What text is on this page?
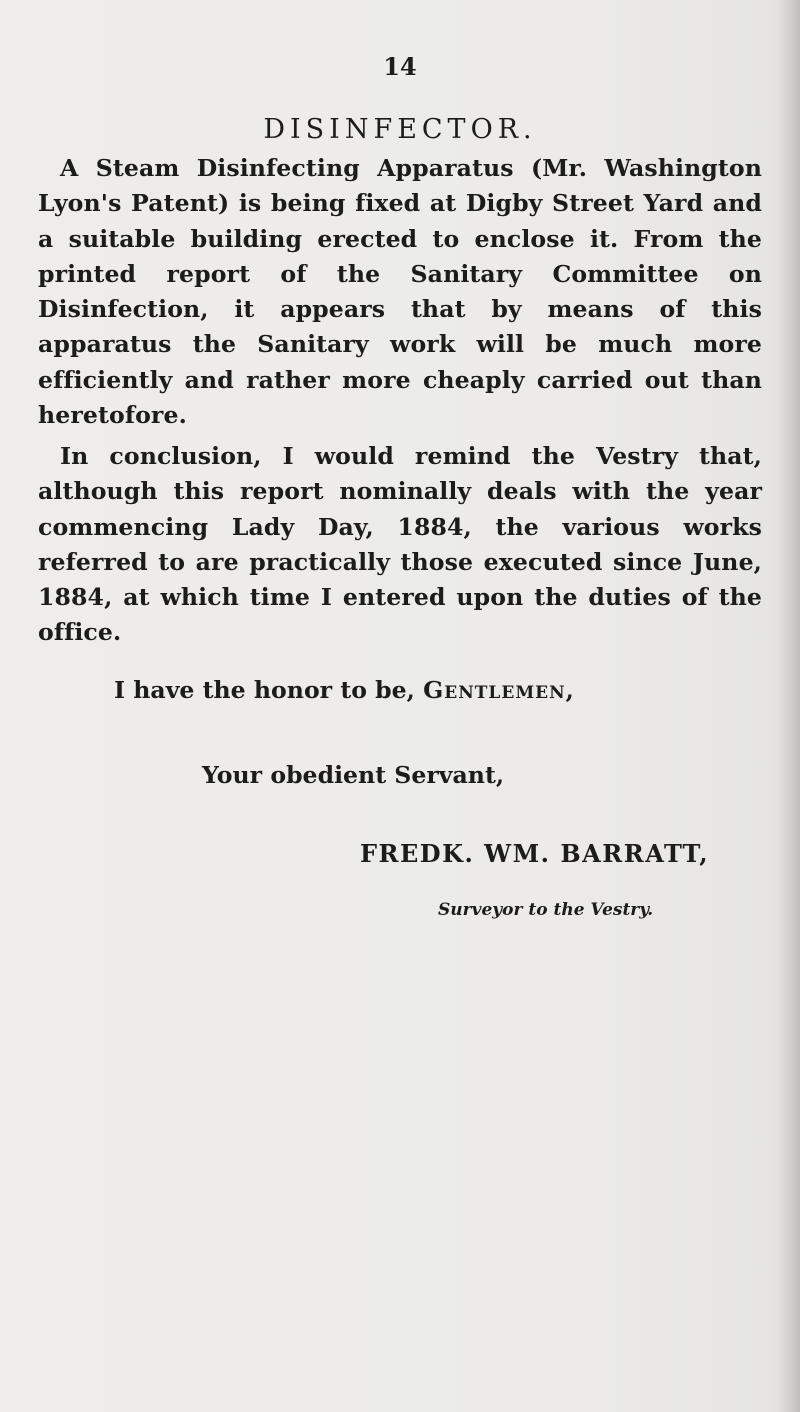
14
DISINFECTOR.
A Steam Disinfecting Apparatus (Mr. Washington Lyon's Patent) is being fixed at Digby Street Yard and a suitable building erected to enclose it. From the printed report of the Sanitary Committee on Disinfection, it appears that by means of this apparatus the Sanitary work will be much more efficiently and rather more cheaply carried out than heretofore.
In conclusion, I would remind the Vestry that, although this report nominally deals with the year commencing Lady Day, 1884, the various works referred to are practically those executed since June, 1884, at which time I entered upon the duties of the office.
I have the honor to be, Gentlemen,
Your obedient Servant,
FREDK. WM. BARRATT,
Surveyor to the Vestry.
